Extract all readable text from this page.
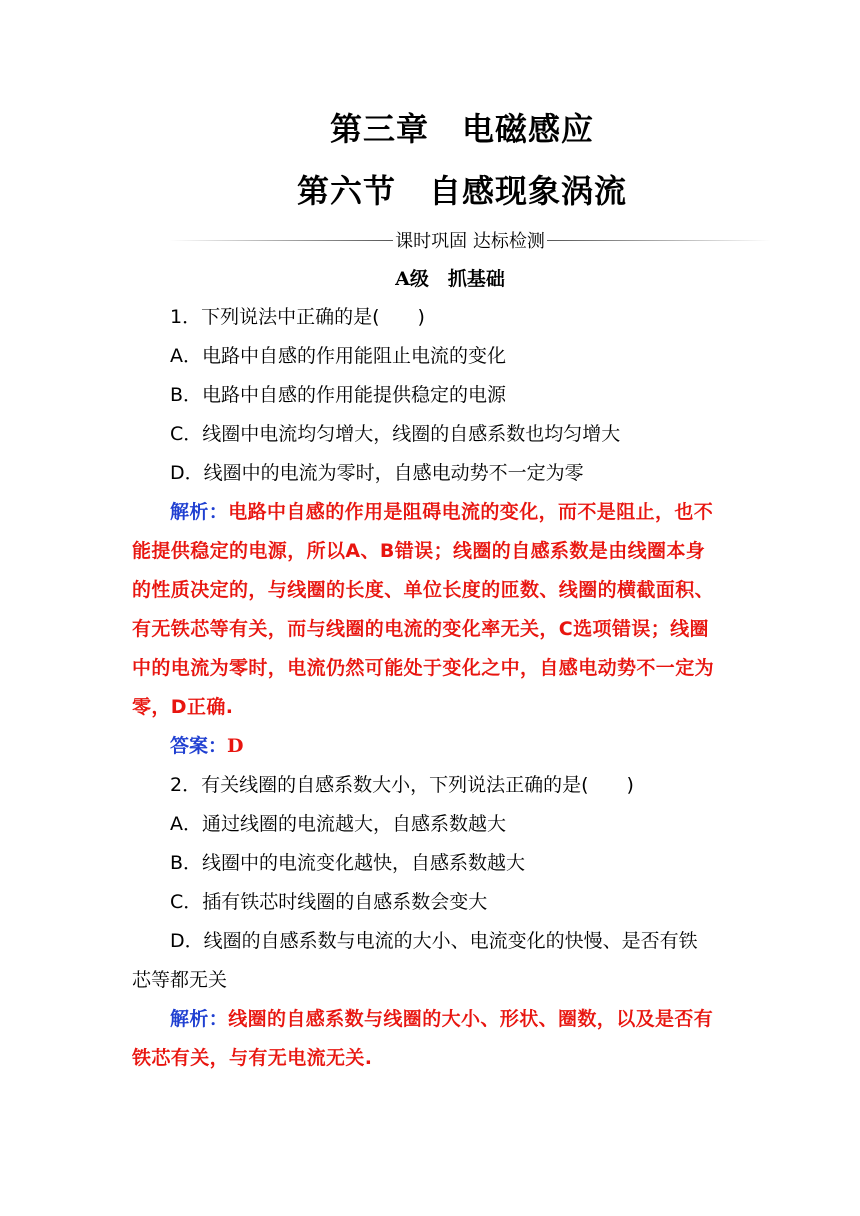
第三章　电磁感应
第六节　自感现象涡流
课时巩固 达标检测
A级　抓基础
1．下列说法中正确的是(　　)
A．电路中自感的作用能阻止电流的变化
B．电路中自感的作用能提供稳定的电源
C．线圈中电流均匀增大，线圈的自感系数也均匀增大
D．线圈中的电流为零时，自感电动势不一定为零
解析：电路中自感的作用是阻碍电流的变化，而不是阻止，也不
能提供稳定的电源，所以A、B错误；线圈的自感系数是由线圈本身
的性质决定的，与线圈的长度、单位长度的匝数、线圈的横截面积、
有无铁芯等有关，而与线圈的电流的变化率无关，C选项错误；线圈
中的电流为零时，电流仍然可能处于变化之中，自感电动势不一定为
零，D正确.
答案：D
2．有关线圈的自感系数大小，下列说法正确的是(　　)
A．通过线圈的电流越大，自感系数越大
B．线圈中的电流变化越快，自感系数越大
C．插有铁芯时线圈的自感系数会变大
D．线圈的自感系数与电流的大小、电流变化的快慢、是否有铁
芯等都无关
解析：线圈的自感系数与线圈的大小、形状、圈数，以及是否有
铁芯有关，与有无电流无关.
